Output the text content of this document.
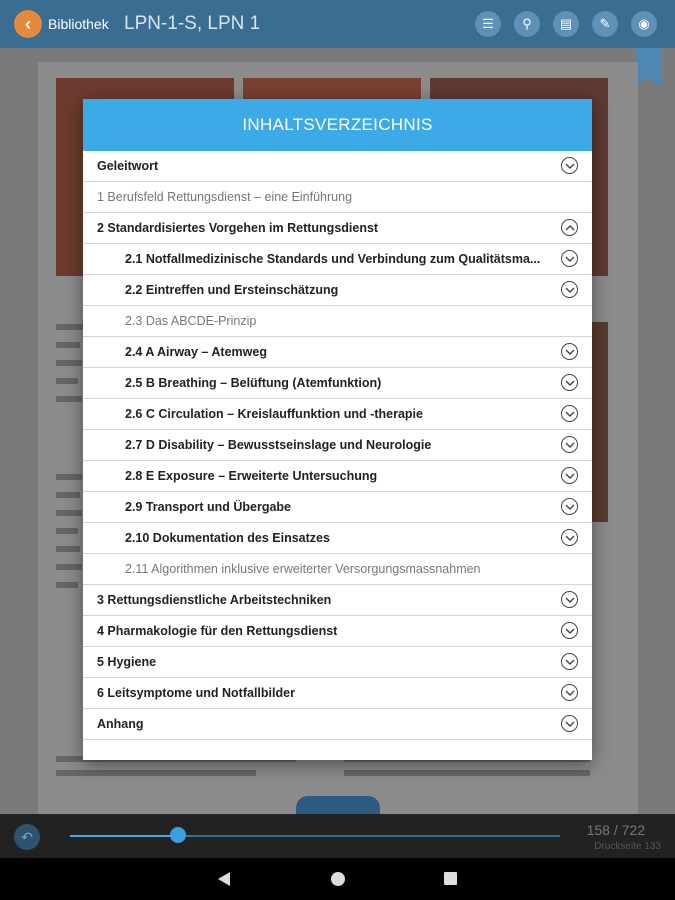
‹	Bibliothek LPN-1-S, LPN 1	☰	⚲	▤	✎	◉
INHALTSVERZEICHNIS
Geleitwort
1 Berufsfeld Rettungsdienst – eine Einführung
2 Standardisiertes Vorgehen im Rettungsdienst
2.1 Notfallmedizinische Standards und Verbindung zum Qualitätsma...
2.2 Eintreffen und Ersteinschätzung
2.3 Das ABCDE-Prinzip
2.4 A Airway – Atemweg
2.5 B Breathing – Belüftung (Atemfunktion)
2.6 C Circulation – Kreislauffunktion und -therapie
2.7 D Disability – Bewusstseinslage und Neurologie
2.8 E Exposure – Erweiterte Untersuchung
2.9 Transport und Übergabe
2.10 Dokumentation des Einsatzes
2.11 Algorithmen inklusive erweiterter Versorgungsmassnahmen
3 Rettungsdienstliche Arbeitstechniken
4 Pharmakologie für den Rettungsdienst
5 Hygiene
6 Leitsymptome und Notfallbilder
Anhang
↶	158 / 722
Druckseite 133
